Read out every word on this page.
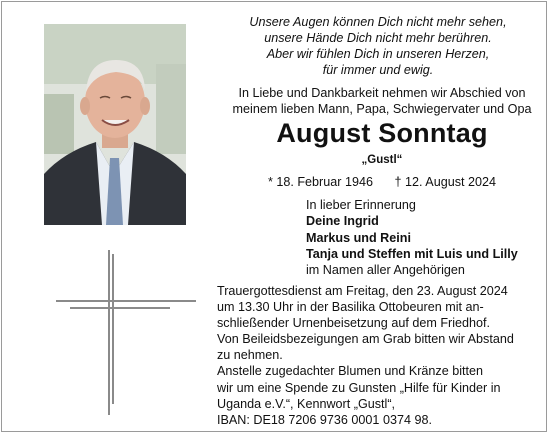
Unsere Augen können Dich nicht mehr sehen,
unsere Hände Dich nicht mehr berühren.
Aber wir fühlen Dich in unseren Herzen,
für immer und ewig.
In Liebe und Dankbarkeit nehmen wir Abschied von
meinem lieben Mann, Papa, Schwiegervater und Opa
August Sonntag
„Gustl“
* 18. Februar 1946 † 12. August 2024
In lieber Erinnerung
Deine Ingrid
Markus und Reini
Tanja und Steffen mit Luis und Lilly
im Namen aller Angehörigen
Trauergottesdienst am Freitag, den 23. August 2024
um 13.30 Uhr in der Basilika Ottobeuren mit an-
schließender Urnenbeisetzung auf dem Friedhof.
Von Beileidsbezeigungen am Grab bitten wir Abstand
zu nehmen.
Anstelle zugedachter Blumen und Kränze bitten
wir um eine Spende zu Gunsten „Hilfe für Kinder in
Uganda e.V.“, Kennwort „Gustl“,
IBAN: DE18 7206 9736 0001 0374 98.
